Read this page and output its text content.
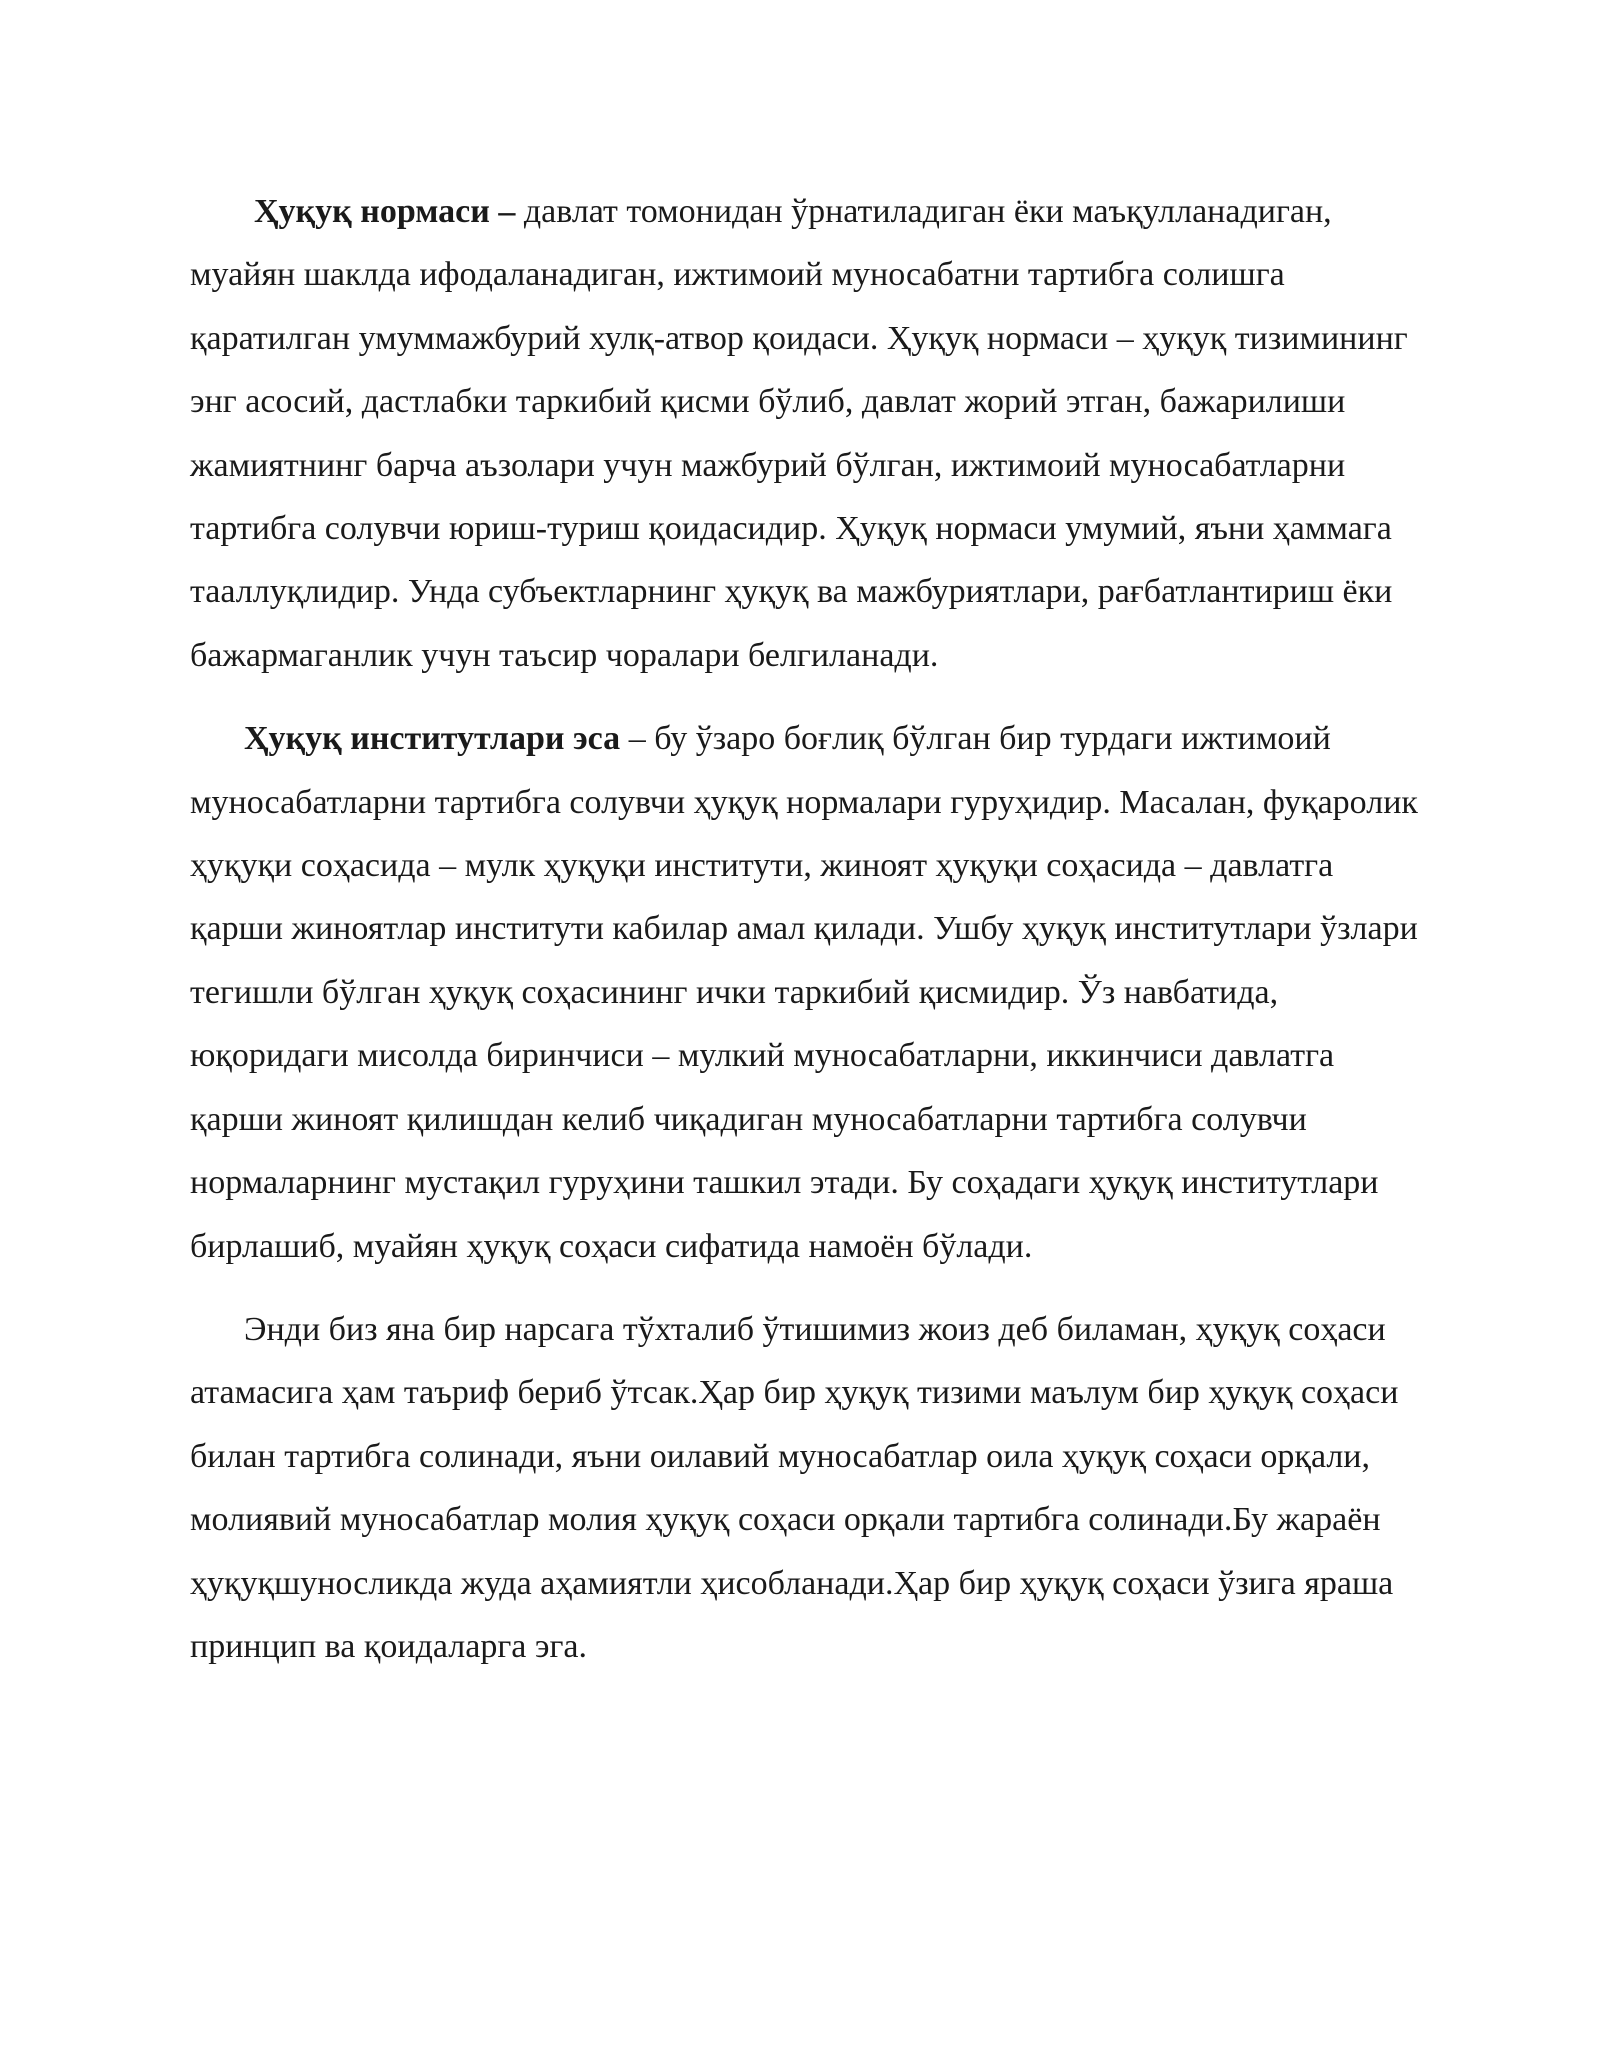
Ҳуқуқ нормаси – давлат томонидан ўрнатиладиган ёки маъқулланадиган, муайян шаклда ифодаланадиган, ижтимоий муносабатни тартибга солишга қаратилган умуммажбурий хулқ-атвор қоидаси. Ҳуқуқ нормаси – ҳуқуқ тизимининг энг асосий, дастлабки таркибий қисми бўлиб, давлат жорий этган, бажарилиши жамиятнинг барча аъзолари учун мажбурий бўлган, ижтимоий муносабатларни тартибга солувчи юриш-туриш қоидасидир. Ҳуқуқ нормаси умумий, яъни ҳаммага тааллуқлидир. Унда субъектларнинг ҳуқуқ ва мажбуриятлари, рағбатлантириш ёки бажармаганлик учун таъсир чоралари белгиланади.

Ҳуқуқ институтлари эса – бу ўзаро боғлиқ бўлган бир турдаги ижтимоий муносабатларни тартибга солувчи ҳуқуқ нормалари гуруҳидир. Масалан, фуқаролик ҳуқуқи соҳасида – мулк ҳуқуқи институти, жиноят ҳуқуқи соҳасида – давлатга қарши жиноятлар институти кабилар амал қилади. Ушбу ҳуқуқ институтлари ўзлари тегишли бўлган ҳуқуқ соҳасининг ички таркибий қисмидир. Ўз навбатида, юқоридаги мисолда биринчиси – мулкий муносабатларни, иккинчиси давлатга қарши жиноят қилишдан келиб чиқадиган муносабатларни тартибга солувчи нормаларнинг мустақил гуруҳини ташкил этади. Бу соҳадаги ҳуқуқ институтлари бирлашиб, муайян ҳуқуқ соҳаси сифатида намоён бўлади.

Энди биз яна бир нарсага тўхталиб ўтишимиз жоиз деб биламан, ҳуқуқ соҳаси атамасига ҳам таъриф бериб ўтсак.Ҳар бир ҳуқуқ тизими маълум бир ҳуқуқ соҳаси билан тартибга солинади, яъни оилавий муносабатлар оила ҳуқуқ соҳаси орқали, молиявий муносабатлар молия ҳуқуқ соҳаси орқали тартибга солинади.Бу жараён ҳуқуқшуносликда жуда аҳамиятли ҳисобланади.Ҳар бир ҳуқуқ соҳаси ўзига яраша принцип ва қоидаларга эга.
